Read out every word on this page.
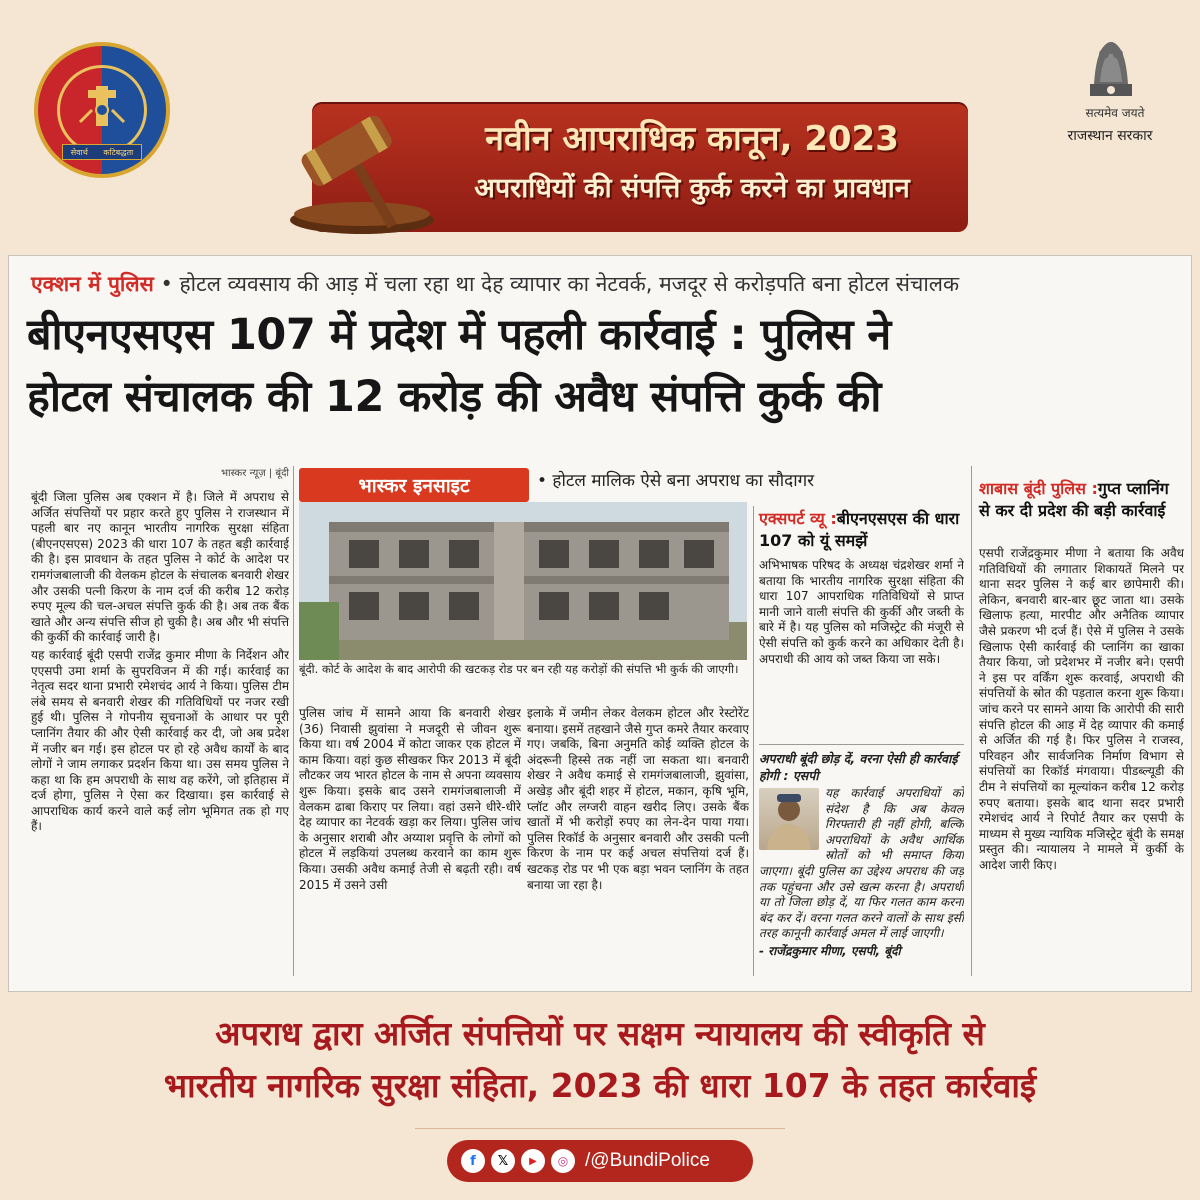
सेवार्थ कटिबद्धता	नवीन आपराधिक कानून, 2023
अपराधियों की संपत्ति कुर्क करने का प्रावधान
सत्यमेव जयते
राजस्थान सरकार
एक्शन में पुलिस • होटल व्यवसाय की आड़ में चला रहा था देह व्यापार का नेटवर्क, मजदूर से करोड़पति बना होटल संचालक
बीएनएसएस 107 में प्रदेश में पहली कार्रवाई : पुलिस ने
होटल संचालक की 12 करोड़ की अवैध संपत्ति कुर्क की
भास्कर न्यूज़ | बूंदी

बूंदी जिला पुलिस अब एक्शन में है। जिले में अपराध से अर्जित संपत्तियों पर प्रहार करते हुए पुलिस ने राजस्थान में पहली बार नए कानून भारतीय नागरिक सुरक्षा संहिता (बीएनएसएस) 2023 की धारा 107 के तहत बड़ी कार्रवाई की है। इस प्रावधान के तहत पुलिस ने कोर्ट के आदेश पर रामगंजबालाजी की वेलकम होटल के संचालक बनवारी शेखर और उसकी पत्नी किरण के नाम दर्ज की करीब 12 करोड़ रुपए मूल्य की चल-अचल संपत्ति कुर्क की है। अब तक बैंक खाते और अन्य संपत्ति सीज हो चुकी है। अब और भी संपत्ति की कुर्की की कार्रवाई जारी है।

यह कार्रवाई बूंदी एसपी राजेंद्र कुमार मीणा के निर्देशन और एएसपी उमा शर्मा के सुपरविजन में की गई। कार्रवाई का नेतृत्व सदर थाना प्रभारी रमेशचंद आर्य ने किया। पुलिस टीम लंबे समय से बनवारी शेखर की गतिविधियों पर नजर रखी हुई थी। पुलिस ने गोपनीय सूचनाओं के आधार पर पूरी प्लानिंग तैयार की और ऐसी कार्रवाई कर दी, जो अब प्रदेश में नजीर बन गई। इस होटल पर हो रहे अवैध कार्यों के बाद लोगों ने जाम लगाकर प्रदर्शन किया था। उस समय पुलिस ने कहा था कि हम अपराधी के साथ वह करेंगे, जो इतिहास में दर्ज होगा, पुलिस ने ऐसा कर दिखाया। इस कार्रवाई से आपराधिक कार्य करने वाले कई लोग भूमिगत तक हो गए हैं।

भास्कर इनसाइट	• होटल मालिक ऐसे बना अपराध का सौदागर
बूंदी. कोर्ट के आदेश के बाद आरोपी की खटकड़ रोड पर बन रही यह करोड़ों की संपत्ति भी कुर्क की जाएगी।

पुलिस जांच में सामने आया कि बनवारी शेखर (36) निवासी झुवांसा ने मजदूरी से जीवन शुरू किया था। वर्ष 2004 में कोटा जाकर एक होटल में काम किया। वहां कुछ सीखकर फिर 2013 में बूंदी लौटकर जय भारत होटल के नाम से अपना व्यवसाय शुरू किया। इसके बाद उसने रामगंजबालाजी में वेलकम ढाबा किराए पर लिया। वहां उसने धीरे-धीरे देह व्यापार का नेटवर्क खड़ा कर लिया। पुलिस जांच के अनुसार शराबी और अय्याश प्रवृत्ति के लोगों को होटल में लड़कियां उपलब्ध करवाने का काम शुरू किया। उसकी अवैध कमाई तेजी से बढ़ती रही। वर्ष 2015 में उसने उसी

इलाके में जमीन लेकर वेलकम होटल और रेस्टोरेंट बनाया। इसमें तहखाने जैसे गुप्त कमरे तैयार करवाए गए। जबकि, बिना अनुमति कोई व्यक्ति होटल के अंदरूनी हिस्से तक नहीं जा सकता था। बनवारी शेखर ने अवैध कमाई से रामगंजबालाजी, झुवांसा, अखेड़ और बूंदी शहर में होटल, मकान, कृषि भूमि, प्लॉट और लग्जरी वाहन खरीद लिए। उसके बैंक खातों में भी करोड़ों रुपए का लेन-देन पाया गया। पुलिस रिकॉर्ड के अनुसार बनवारी और उसकी पत्नी किरण के नाम पर कई अचल संपत्तियां दर्ज हैं। खटकड़ रोड पर भी एक बड़ा भवन प्लानिंग के तहत बनाया जा रहा है।

एक्सपर्ट व्यू :बीएनएसएस की धारा 107 को यूं समझें

अभिभाषक परिषद के अध्यक्ष चंद्रशेखर शर्मा ने बताया कि भारतीय नागरिक सुरक्षा संहिता की धारा 107 आपराधिक गतिविधियों से प्राप्त मानी जाने वाली संपत्ति की कुर्की और जब्ती के बारे में है। यह पुलिस को मजिस्ट्रेट की मंजूरी से ऐसी संपत्ति को कुर्क करने का अधिकार देती है। अपराधी की आय को जब्त किया जा सके।

अपराधी बूंदी छोड़ दें, वरना ऐसी ही कार्रवाई होगी : एसपी

यह कार्रवाई अपराधियों को संदेश है कि अब केवल गिरफ्तारी ही नहीं होगी, बल्कि अपराधियों के अवैध आर्थिक स्रोतों को भी समाप्त किया जाएगा। बूंदी पुलिस का उद्देश्य अपराध की जड़ तक पहुंचना और उसे खत्म करना है। अपराधी या तो जिला छोड़ दें, या फिर गलत काम करना बंद कर दें। वरना गलत करने वालों के साथ इसी तरह कानूनी कार्रवाई अमल में लाई जाएगी।

- राजेंद्रकुमार मीणा, एसपी, बूंदी

शाबास बूंदी पुलिस :गुप्त प्लानिंग से कर दी प्रदेश की बड़ी कार्रवाई

एसपी राजेंद्रकुमार मीणा ने बताया कि अवैध गतिविधियों की लगातार शिकायतें मिलने पर थाना सदर पुलिस ने कई बार छापेमारी की। लेकिन, बनवारी बार-बार छूट जाता था। उसके खिलाफ हत्या, मारपीट और अनैतिक व्यापार जैसे प्रकरण भी दर्ज हैं। ऐसे में पुलिस ने उसके खिलाफ ऐसी कार्रवाई की प्लानिंग का खाका तैयार किया, जो प्रदेशभर में नजीर बने। एसपी ने इस पर वर्किंग शुरू करवाई, अपराधी की संपत्तियों के स्रोत की पड़ताल करना शुरू किया। जांच करने पर सामने आया कि आरोपी की सारी संपत्ति होटल की आड़ में देह व्यापार की कमाई से अर्जित की गई है। फिर पुलिस ने राजस्व, परिवहन और सार्वजनिक निर्माण विभाग से संपत्तियों का रिकॉर्ड मंगवाया। पीडब्ल्यूडी की टीम ने संपत्तियों का मूल्यांकन करीब 12 करोड़ रुपए बताया। इसके बाद थाना सदर प्रभारी रमेशचंद आर्य ने रिपोर्ट तैयार कर एसपी के माध्यम से मुख्य न्यायिक मजिस्ट्रेट बूंदी के समक्ष प्रस्तुत की। न्यायालय ने मामले में कुर्की के आदेश जारी किए।

अपराध द्वारा अर्जित संपत्तियों पर सक्षम न्यायालय की स्वीकृति से
भारतीय नागरिक सुरक्षा संहिता, 2023 की धारा 107 के तहत कार्रवाई
f	𝕏	▶	◎ /@BundiPolice
